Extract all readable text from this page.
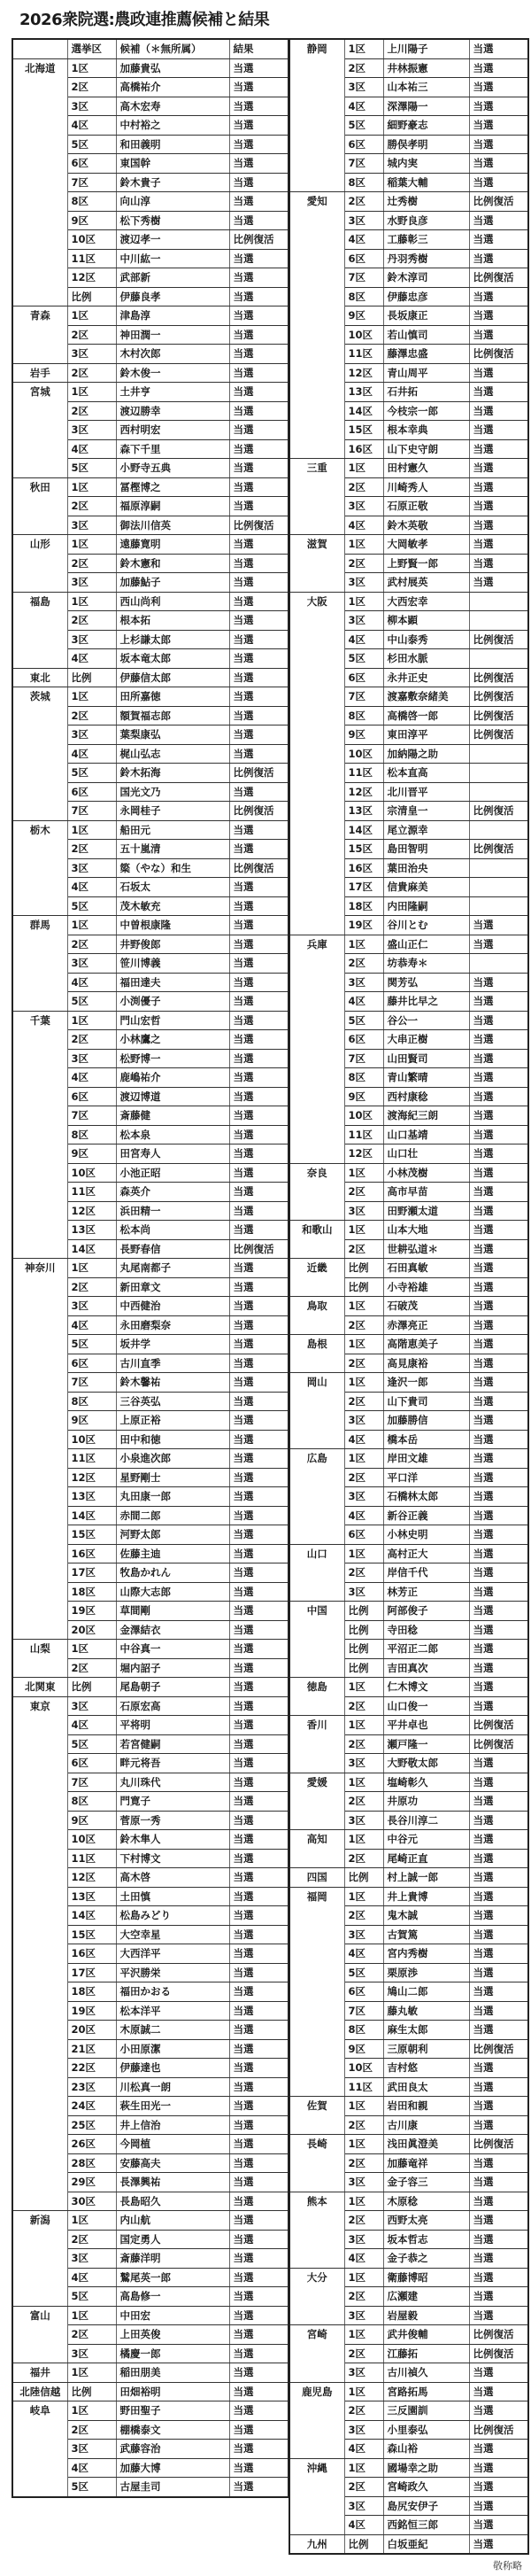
2026衆院選:農政連推薦候補と結果
	選挙区	候補（＊無所属）	結果
北海道	1区	加藤貴弘	当選
	2区	高橋祐介	当選
	3区	高木宏寿	当選
	4区	中村裕之	当選
	5区	和田義明	当選
	6区	東国幹	当選
	7区	鈴木貴子	当選
	8区	向山淳	当選
	9区	松下秀樹	当選
	10区	渡辺孝一	比例復活
	11区	中川紘一	当選
	12区	武部新	当選
	比例	伊藤良孝	当選
青森	1区	津島淳	当選
	2区	神田潤一	当選
	3区	木村次郎	当選
岩手	2区	鈴木俊一	当選
宮城	1区	土井亨	当選
	2区	渡辺勝幸	当選
	3区	西村明宏	当選
	4区	森下千里	当選
	5区	小野寺五典	当選
秋田	1区	冨樫博之	当選
	2区	福原淳嗣	当選
	3区	御法川信英	比例復活
山形	1区	遠藤寛明	当選
	2区	鈴木憲和	当選
	3区	加藤鮎子	当選
福島	1区	西山尚利	当選
	2区	根本拓	当選
	3区	上杉謙太郎	当選
	4区	坂本竜太郎	当選
東北	比例	伊藤信太郎	当選
茨城	1区	田所嘉徳	当選
	2区	額賀福志郎	当選
	3区	葉梨康弘	当選
	4区	梶山弘志	当選
	5区	鈴木拓海	比例復活
	6区	国光文乃	当選
	7区	永岡桂子	比例復活
栃木	1区	船田元	当選
	2区	五十嵐清	当選
	3区	簗（やな）和生	比例復活
	4区	石坂太	当選
	5区	茂木敏充	当選
群馬	1区	中曽根康隆	当選
	2区	井野俊郎	当選
	3区	笹川博義	当選
	4区	福田達夫	当選
	5区	小渕優子	当選
千葉	1区	門山宏哲	当選
	2区	小林鷹之	当選
	3区	松野博一	当選
	4区	鹿嶋祐介	当選
	6区	渡辺博道	当選
	7区	斎藤健	当選
	8区	松本泉	当選
	9区	田宮寿人	当選
	10区	小池正昭	当選
	11区	森英介	当選
	12区	浜田精一	当選
	13区	松本尚	当選
	14区	長野春信	比例復活
神奈川	1区	丸尾南都子	当選
	2区	新田章文	当選
	3区	中西健治	当選
	4区	永田磨梨奈	当選
	5区	坂井学	当選
	6区	古川直季	当選
	7区	鈴木馨祐	当選
	8区	三谷英弘	当選
	9区	上原正裕	当選
	10区	田中和徳	当選
	11区	小泉進次郎	当選
	12区	星野剛士	当選
	13区	丸田康一郎	当選
	14区	赤間二郎	当選
	15区	河野太郎	当選
	16区	佐藤主迪	当選
	17区	牧島かれん	当選
	18区	山際大志郎	当選
	19区	草間剛	当選
	20区	金澤結衣	当選
山梨	1区	中谷真一	当選
	2区	堀内詔子	当選
北関東	比例	尾島朝子	当選
東京	3区	石原宏高	当選
	4区	平将明	当選
	5区	若宮健嗣	当選
	6区	畔元将吾	当選
	7区	丸川珠代	当選
	8区	門寛子	当選
	9区	菅原一秀	当選
	10区	鈴木隼人	当選
	11区	下村博文	当選
	12区	高木啓	当選
	13区	土田慎	当選
	14区	松島みどり	当選
	15区	大空幸星	当選
	16区	大西洋平	当選
	17区	平沢勝栄	当選
	18区	福田かおる	当選
	19区	松本洋平	当選
	20区	木原誠二	当選
	21区	小田原潔	当選
	22区	伊藤達也	当選
	23区	川松真一朗	当選
	24区	萩生田光一	当選
	25区	井上信治	当選
	26区	今岡植	当選
	28区	安藤高夫	当選
	29区	長澤興祐	当選
	30区	長島昭久	当選
新潟	1区	内山航	当選
	2区	国定勇人	当選
	3区	斎藤洋明	当選
	4区	鷲尾英一郎	当選
	5区	高島修一	当選
富山	1区	中田宏	当選
	2区	上田英俊	当選
	3区	橘慶一郎	当選
福井	1区	稲田朋美	当選
北陸信越	比例	田畑裕明	当選
岐阜	1区	野田聖子	当選
	2区	棚橋泰文	当選
	3区	武藤容治	当選
	4区	加藤大博	当選
	5区	古屋圭司	当選
静岡	1区	上川陽子	当選
	2区	井林振憲	当選
	3区	山本祐三	当選
	4区	深澤陽一	当選
	5区	細野豪志	当選
	6区	勝俣孝明	当選
	7区	城内実	当選
	8区	稲葉大輔	当選
愛知	2区	辻秀樹	比例復活
	3区	水野良彦	当選
	4区	工藤彰三	当選
	6区	丹羽秀樹	当選
	7区	鈴木淳司	比例復活
	8区	伊藤忠彦	当選
	9区	長坂康正	当選
	10区	若山慎司	当選
	11区	藤澤忠盛	比例復活
	12区	青山周平	当選
	13区	石井拓	当選
	14区	今枝宗一郎	当選
	15区	根本幸典	当選
	16区	山下史守朗	当選
三重	1区	田村憲久	当選
	2区	川崎秀人	当選
	3区	石原正敬	当選
	4区	鈴木英敬	当選
滋賀	1区	大岡敏孝	当選
	2区	上野賢一郎	当選
	3区	武村展英	当選
大阪	1区	大西宏幸	
	3区	柳本顕	
	4区	中山泰秀	比例復活
	5区	杉田水脈	
	6区	永井正史	比例復活
	7区	渡嘉敷奈緒美	比例復活
	8区	高橋啓一郎	比例復活
	9区	東田淳平	比例復活
	10区	加納陽之助	
	11区	松本直高	
	12区	北川晋平	
	13区	宗清皇一	比例復活
	14区	尾立源幸	
	15区	島田智明	比例復活
	16区	葉田治央	
	17区	信貴麻美	
	18区	内田隆嗣	
	19区	谷川とむ	当選
兵庫	1区	盛山正仁	当選
	2区	坊恭寿＊	
	3区	関芳弘	当選
	4区	藤井比早之	当選
	5区	谷公一	当選
	6区	大串正樹	当選
	7区	山田賢司	当選
	8区	青山繁晴	当選
	9区	西村康稔	当選
	10区	渡海紀三朗	当選
	11区	山口基靖	当選
	12区	山口壮	当選
奈良	1区	小林茂樹	当選
	2区	高市早苗	当選
	3区	田野瀬太道	当選
和歌山	1区	山本大地	当選
	2区	世耕弘道＊	当選
近畿	比例	石田真敏	当選
	比例	小寺裕雄	当選
鳥取	1区	石破茂	当選
	2区	赤澤亮正	当選
島根	1区	高階恵美子	当選
	2区	高見康裕	当選
岡山	1区	逢沢一郎	当選
	2区	山下貴司	当選
	3区	加藤勝信	当選
	4区	橋本岳	当選
広島	1区	岸田文雄	当選
	2区	平口洋	当選
	3区	石橋林太郎	当選
	4区	新谷正義	当選
	6区	小林史明	当選
山口	1区	高村正大	当選
	2区	岸信千代	当選
	3区	林芳正	当選
中国	比例	阿部俊子	当選
	比例	寺田稔	当選
	比例	平沼正二郎	当選
	比例	吉田真次	当選
徳島	1区	仁木博文	当選
	2区	山口俊一	当選
香川	1区	平井卓也	比例復活
	2区	瀬戸隆一	比例復活
	3区	大野敬太郎	当選
愛媛	1区	塩崎彰久	当選
	2区	井原功	当選
	3区	長谷川淳二	当選
高知	1区	中谷元	当選
	2区	尾崎正直	当選
四国	比例	村上誠一郎	当選
福岡	1区	井上貴博	当選
	2区	鬼木誠	当選
	3区	古賀篤	当選
	4区	宮内秀樹	当選
	5区	栗原渉	当選
	6区	鳩山二郎	当選
	7区	藤丸敏	当選
	8区	麻生太郎	当選
	9区	三原朝利	比例復活
	10区	吉村悠	当選
	11区	武田良太	当選
佐賀	1区	岩田和親	当選
	2区	古川康	当選
長崎	1区	浅田眞澄美	比例復活
	2区	加藤竜祥	当選
	3区	金子容三	当選
熊本	1区	木原稔	当選
	2区	西野太亮	当選
	3区	坂本哲志	当選
	4区	金子恭之	当選
大分	1区	衛藤博昭	当選
	2区	広瀬建	当選
	3区	岩屋毅	当選
宮崎	1区	武井俊輔	比例復活
	2区	江藤拓	比例復活
	3区	古川禎久	当選
鹿児島	1区	宮路拓馬	当選
	2区	三反園訓	当選
	3区	小里泰弘	比例復活
	4区	森山裕	当選
沖縄	1区	國場幸之助	当選
	2区	宮崎政久	当選
	3区	島尻安伊子	当選
	4区	西銘恒三郎	当選
九州	比例	白坂亜紀	当選
敬称略
